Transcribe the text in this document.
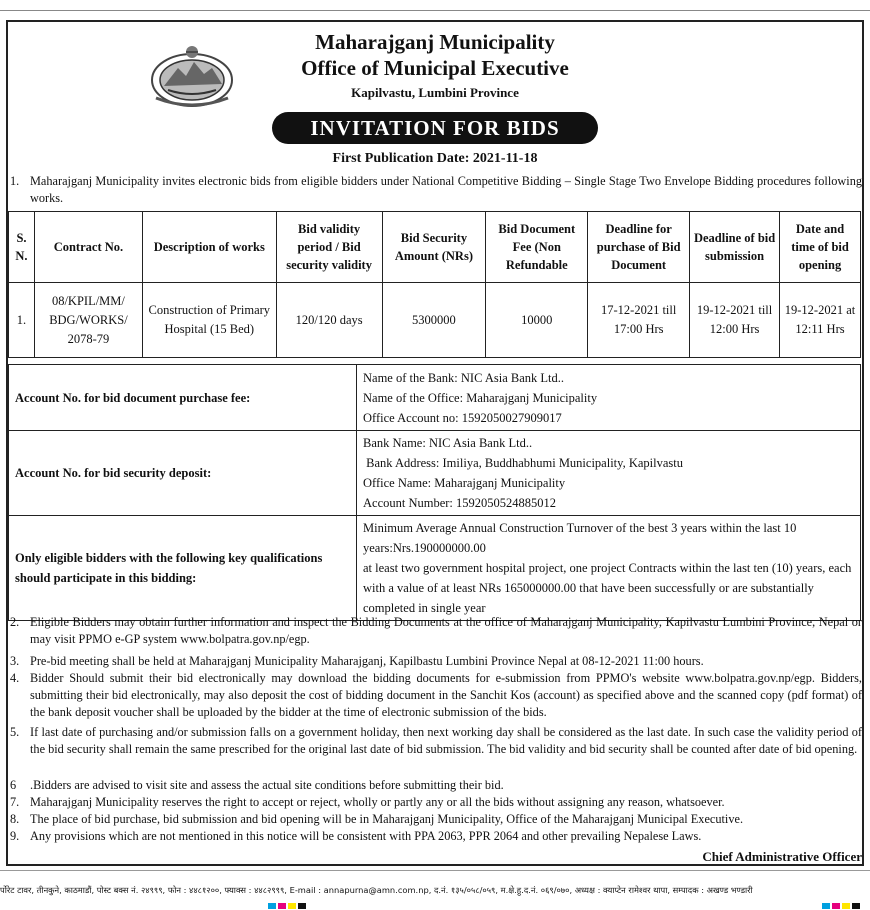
Maharajganj Municipality
Office of Municipal Executive
Kapilvastu, Lumbini Province
INVITATION FOR BIDS
First Publication Date: 2021-11-18
1. Maharajganj Municipality invites electronic bids from eligible bidders under National Competitive Bidding – Single Stage Two Envelope Bidding procedures following works.
S. N.	Contract No.	Description of works	Bid validity period / Bid security validity	Bid Security Amount (NRs)	Bid Document Fee (Non Refundable	Deadline for purchase of Bid Document	Deadline of bid submission	Date and time of bid opening
1.	08/KPIL/MM/ BDG/WORKS/ 2078-79	Construction of Primary Hospital (15 Bed)	120/120 days	5300000	10000	17-12-2021 till 17:00 Hrs	19-12-2021 till 12:00 Hrs	19-12-2021 at 12:11 Hrs
Account No. for bid document purchase fee:	Name of the Bank: NIC Asia Bank Ltd..
Name of the Office: Maharajganj Municipality
Office Account no: 1592050027909017

Account No. for bid security deposit:	Bank Name: NIC Asia Bank Ltd..
Bank Address: Imiliya, Buddhabhumi Municipality, Kapilvastu
Office Name: Maharajganj Municipality
Account Number: 1592050524885012

Only eligible bidders with the following key qualifications should participate in this bidding:	Minimum Average Annual Construction Turnover of the best 3 years within the last 10 years:Nrs.190000000.00
at least two government hospital project, one project Contracts within the last ten (10) years, each with a value of at least NRs 165000000.00 that have been successfully or are substantially completed in single year
2. Eligible Bidders may obtain further information and inspect the Bidding Documents at the office of Maharajganj Municipality, Kapilvastu Lumbini Province, Nepal or may visit PPMO e-GP system www.bolpatra.gov.np/egp.
3. Pre-bid meeting shall be held at Maharajganj Municipality Maharajganj, Kapilbastu Lumbini Province Nepal at 08-12-2021 11:00 hours.
4. Bidder Should submit their bid electronically may download the bidding documents for e-submission from PPMO's website www.bolpatra.gov.np/egp. Bidders, submitting their bid electronically, may also deposit the cost of bidding document in the Sanchit Kos (account) as specified above and the scanned copy (pdf format) of the bank deposit voucher shall be uploaded by the bidder at the time of electronic submission of the bids.
5. If last date of purchasing and/or submission falls on a government holiday, then next working day shall be considered as the last date. In such case the validity period of the bid security shall remain the same prescribed for the original last date of bid submission. The bid validity and bid security shall be counted after date of bid opening.
6 .Bidders are advised to visit site and assess the actual site conditions before submitting their bid.
7. Maharajganj Municipality reserves the right to accept or reject, wholly or partly any or all the bids without assigning any reason, whatsoever.
8. The place of bid purchase, bid submission and bid opening will be in Maharajganj Municipality, Office of the Maharajganj Municipal Executive.
9. Any provisions which are not mentioned in this notice will be consistent with PPA 2063, PPR 2064 and other prevailing Nepalese Laws.
Chief Administrative Officer
र्पोरेट टावर, तीनकुने, काठमाडौं, पोस्ट बक्स नं. २४९९९, फोन : ४४८१२००, फ्याक्स : ४४८२९९९, E-mail : annapurna@amn.com.np, द.नं. १३५/०५८/०५९, म.क्षे.हु.द.नं. ०६९/०७०, अध्यक्ष : क्याप्टेन रामेश्वर थापा, सम्पादक : अखण्ड भण्डारी
